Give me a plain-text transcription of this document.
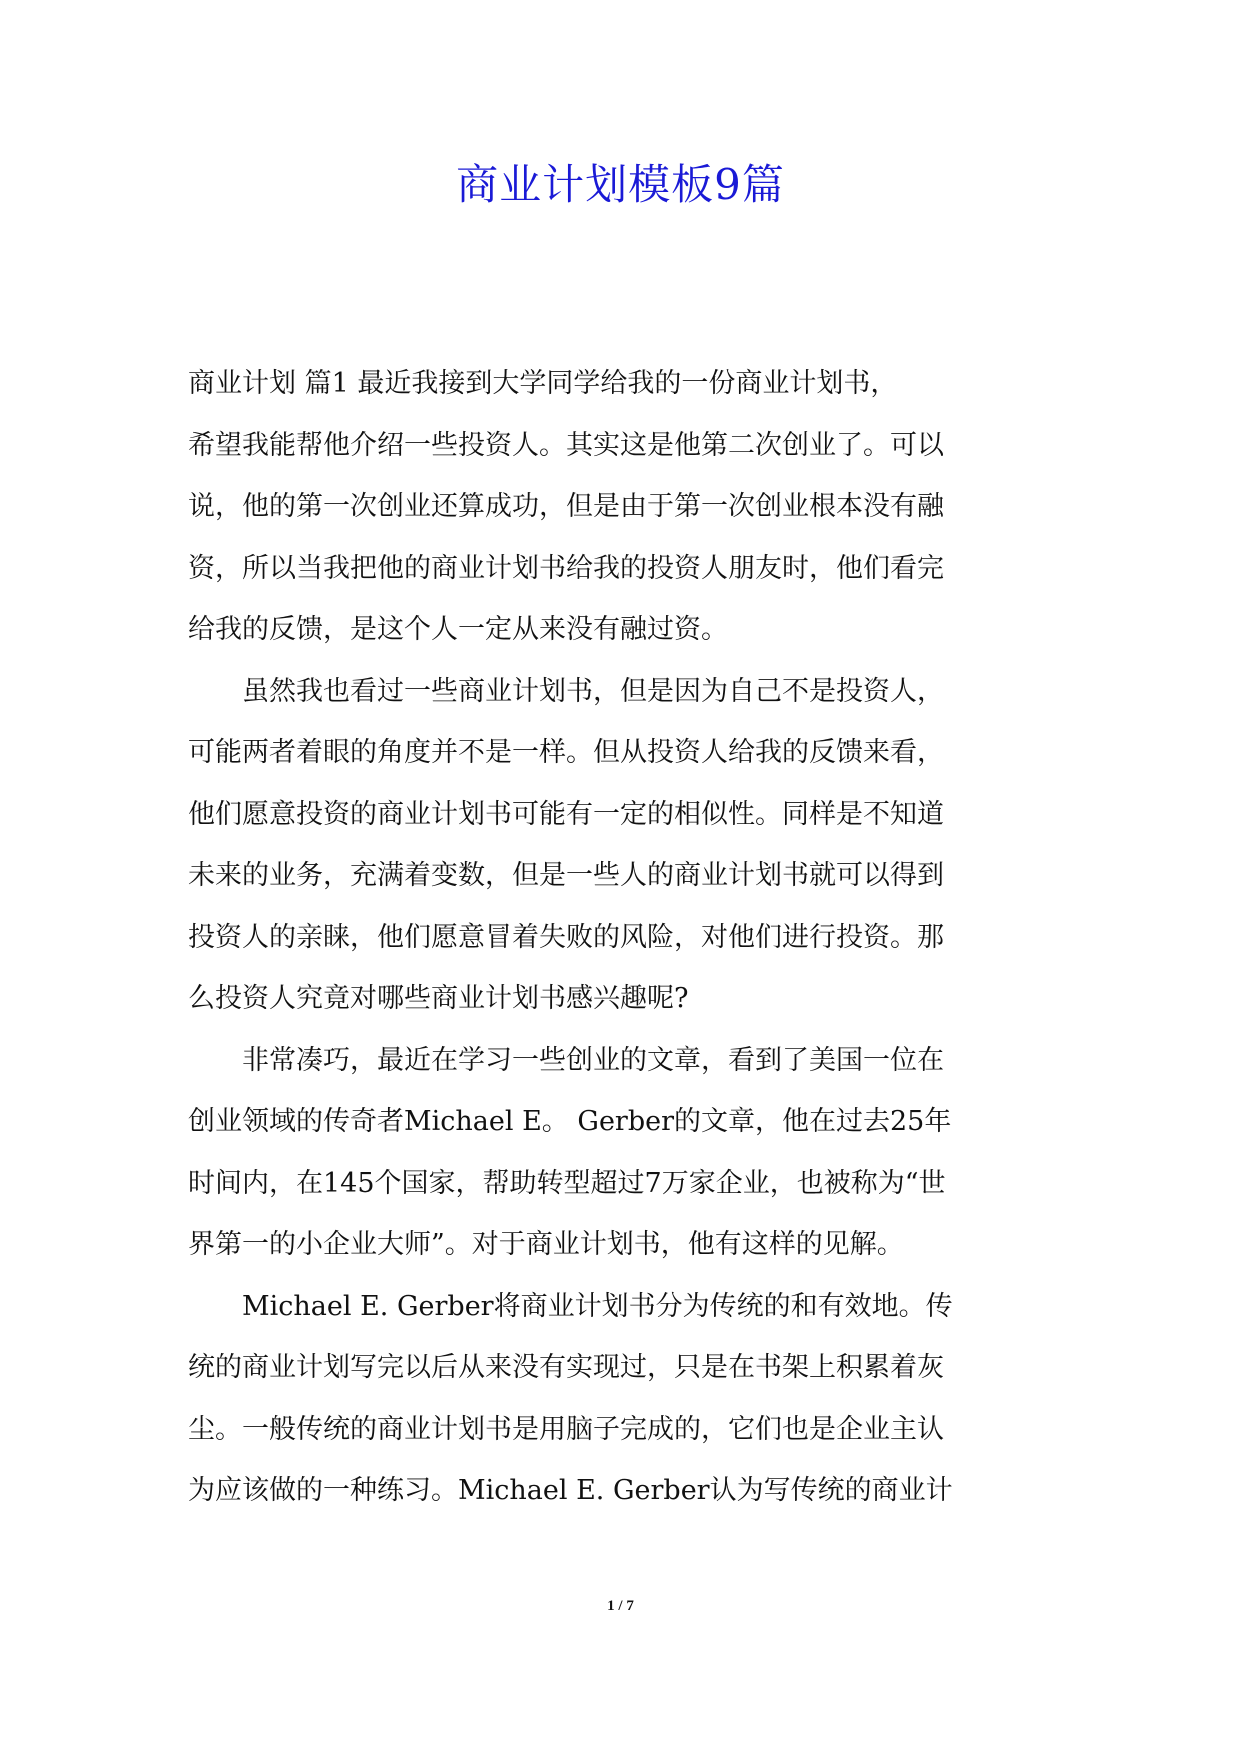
商业计划模板9篇
商业计划 篇1 最近我接到大学同学给我的一份商业计划书，
希望我能帮他介绍一些投资人。其实这是他第二次创业了。可以
说，他的第一次创业还算成功，但是由于第一次创业根本没有融
资，所以当我把他的商业计划书给我的投资人朋友时，他们看完
给我的反馈，是这个人一定从来没有融过资。
　　虽然我也看过一些商业计划书，但是因为自己不是投资人，
可能两者着眼的角度并不是一样。但从投资人给我的反馈来看，
他们愿意投资的商业计划书可能有一定的相似性。同样是不知道
未来的业务，充满着变数，但是一些人的商业计划书就可以得到
投资人的亲睐，他们愿意冒着失败的风险，对他们进行投资。那
么投资人究竟对哪些商业计划书感兴趣呢?
　　非常凑巧，最近在学习一些创业的文章，看到了美国一位在
创业领域的传奇者Michael E。 Gerber的文章，他在过去25年
时间内，在145个国家，帮助转型超过7万家企业，也被称为“世
界第一的小企业大师”。对于商业计划书，他有这样的见解。
　　Michael E. Gerber将商业计划书分为传统的和有效地。传
统的商业计划写完以后从来没有实现过，只是在书架上积累着灰
尘。一般传统的商业计划书是用脑子完成的，它们也是企业主认
为应该做的一种练习。Michael E. Gerber认为写传统的商业计
1 / 7
